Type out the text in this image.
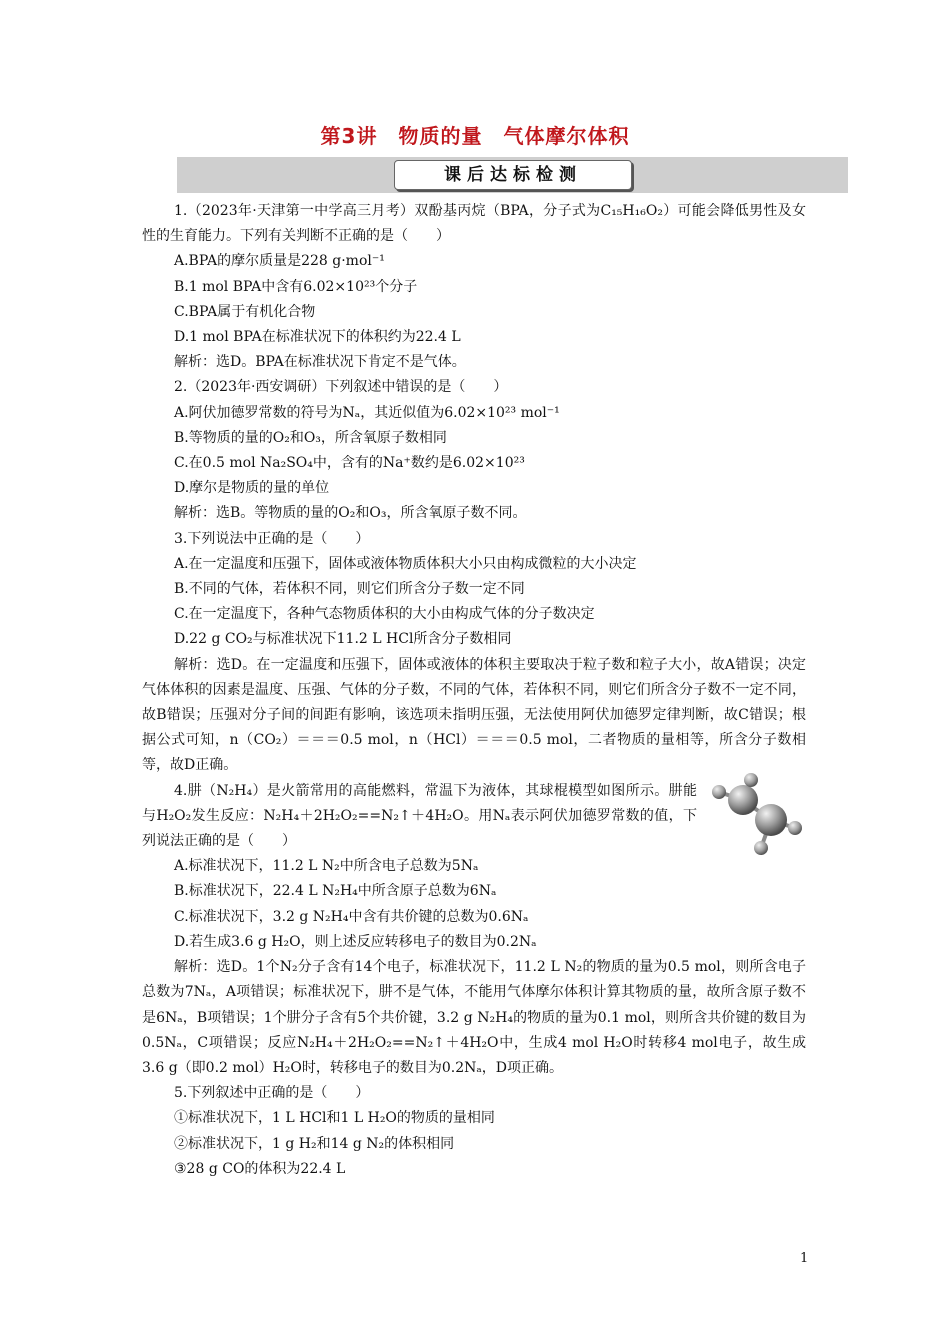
第3讲　物质的量　气体摩尔体积
课后达标检测

1.（2023年·天津第一中学高三月考）双酚基丙烷（BPA，分子式为C₁₅H₁₆O₂）可能会降低男性及女性的生育能力。下列有关判断不正确的是（　　）

A.BPA的摩尔质量是228 g·mol⁻¹

B.1 mol BPA中含有6.02×10²³个分子

C.BPA属于有机化合物

D.1 mol BPA在标准状况下的体积约为22.4 L

解析：选D。BPA在标准状况下肯定不是气体。

2.（2023年·西安调研）下列叙述中错误的是（　　）

A.阿伏加德罗常数的符号为Nₐ，其近似值为6.02×10²³ mol⁻¹

B.等物质的量的O₂和O₃，所含氧原子数相同

C.在0.5 mol Na₂SO₄中，含有的Na⁺数约是6.02×10²³

D.摩尔是物质的量的单位

解析：选B。等物质的量的O₂和O₃，所含氧原子数不同。

3.下列说法中正确的是（　　）

A.在一定温度和压强下，固体或液体物质体积大小只由构成微粒的大小决定

B.不同的气体，若体积不同，则它们所含分子数一定不同

C.在一定温度下，各种气态物质体积的大小由构成气体的分子数决定

D.22 g CO₂与标准状况下11.2 L HCl所含分子数相同

解析：选D。在一定温度和压强下，固体或液体的体积主要取决于粒子数和粒子大小，故A错误；决定气体体积的因素是温度、压强、气体的分子数，不同的气体，若体积不同，则它们所含分子数不一定不同，故B错误；压强对分子间的间距有影响，该选项未指明压强，无法使用阿伏加德罗定律判断，故C错误；根据公式可知，n（CO₂）＝＝＝0.5 mol，n（HCl）＝＝＝0.5 mol，二者物质的量相等，所含分子数相等，故D正确。

4.肼（N₂H₄）是火箭常用的高能燃料，常温下为液体，其球棍模型如图所示。肼能与H₂O₂发生反应：N₂H₄＋2H₂O₂==N₂↑＋4H₂O。用Nₐ表示阿伏加德罗常数的值，下列说法正确的是（　　）

A.标准状况下，11.2 L N₂中所含电子总数为5Nₐ

B.标准状况下，22.4 L N₂H₄中所含原子总数为6Nₐ

C.标准状况下，3.2 g N₂H₄中含有共价键的总数为0.6Nₐ

D.若生成3.6 g H₂O，则上述反应转移电子的数目为0.2Nₐ

解析：选D。1个N₂分子含有14个电子，标准状况下，11.2 L N₂的物质的量为0.5 mol，则所含电子总数为7Nₐ，A项错误；标准状况下，肼不是气体，不能用气体摩尔体积计算其物质的量，故所含原子数不是6Nₐ，B项错误；1个肼分子含有5个共价键，3.2 g N₂H₄的物质的量为0.1 mol，则所含共价键的数目为0.5Nₐ，C项错误；反应N₂H₄＋2H₂O₂==N₂↑＋4H₂O中，生成4 mol H₂O时转移4 mol电子，故生成3.6 g（即0.2 mol）H₂O时，转移电子的数目为0.2Nₐ，D项正确。

5.下列叙述中正确的是（　　）

①标准状况下，1 L HCl和1 L H₂O的物质的量相同

②标准状况下，1 g H₂和14 g N₂的体积相同

③28 g CO的体积为22.4 L

1
